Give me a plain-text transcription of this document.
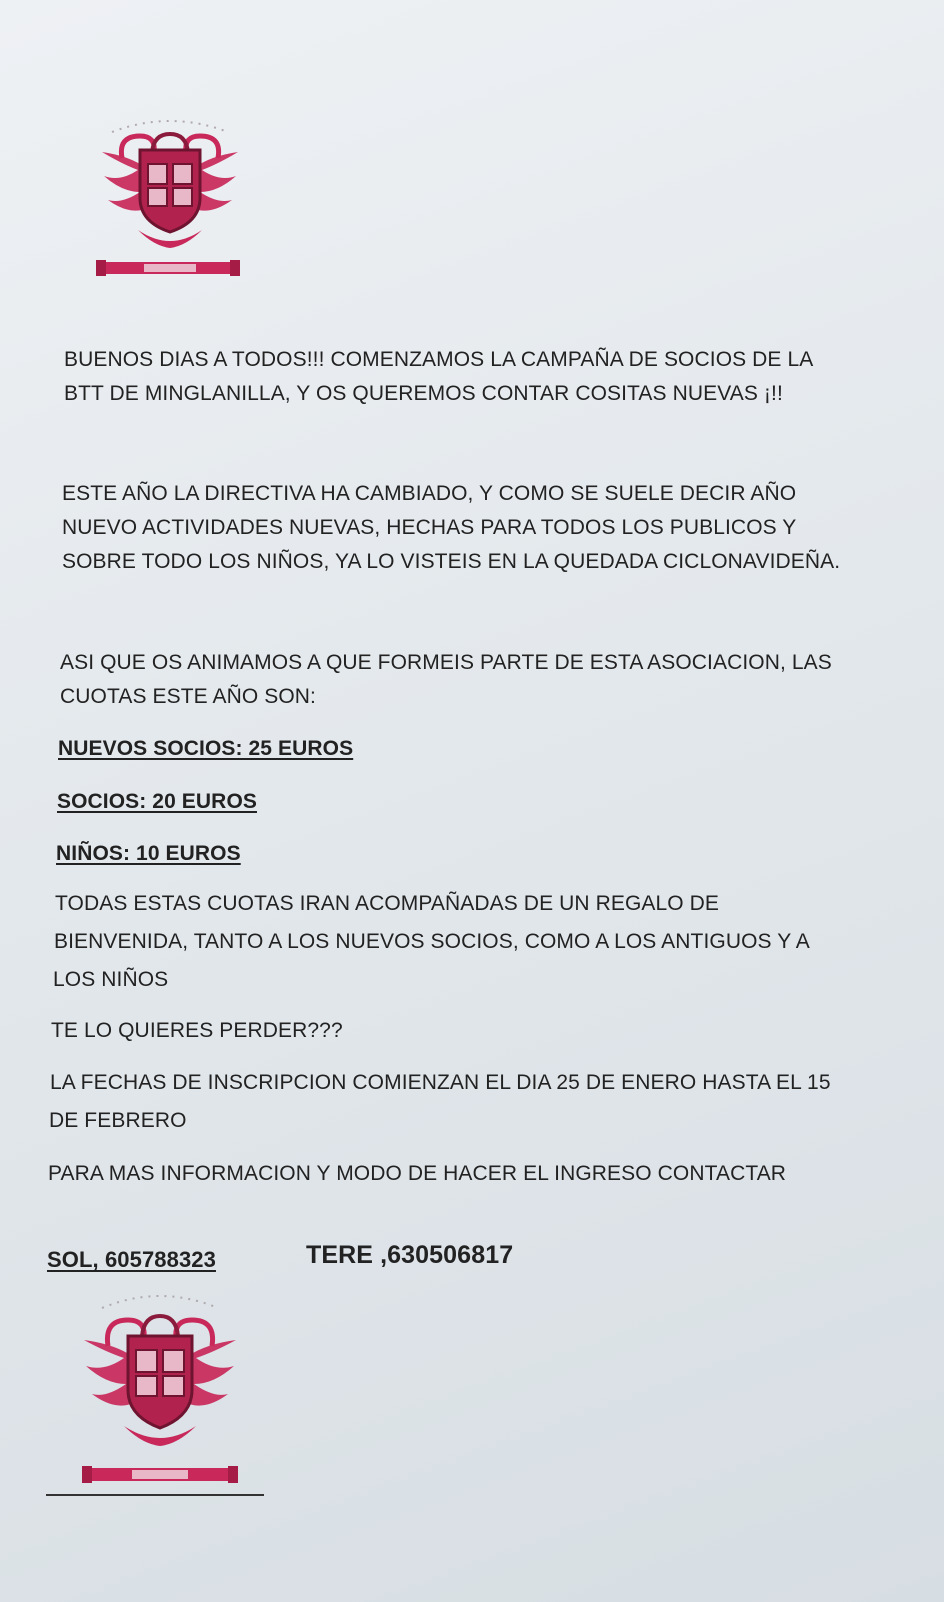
BUENOS DIAS A TODOS!!! COMENZAMOS LA CAMPAÑA DE SOCIOS DE LA

BTT DE MINGLANILLA, Y OS QUEREMOS CONTAR COSITAS NUEVAS ¡!!

ESTE AÑO LA DIRECTIVA HA CAMBIADO, Y COMO SE SUELE DECIR AÑO

NUEVO ACTIVIDADES NUEVAS, HECHAS PARA TODOS LOS PUBLICOS Y

SOBRE TODO LOS NIÑOS, YA LO VISTEIS EN LA QUEDADA CICLONAVIDEÑA.

ASI QUE OS ANIMAMOS A QUE FORMEIS PARTE DE ESTA ASOCIACION, LAS

CUOTAS ESTE AÑO SON:

NUEVOS SOCIOS: 25 EUROS

SOCIOS: 20 EUROS

NIÑOS: 10 EUROS

TODAS ESTAS CUOTAS IRAN ACOMPAÑADAS DE UN REGALO DE

BIENVENIDA, TANTO A LOS NUEVOS SOCIOS, COMO A LOS ANTIGUOS Y A

LOS NIÑOS

TE LO QUIERES PERDER???

LA FECHAS DE INSCRIPCION COMIENZAN EL DIA 25 DE ENERO HASTA EL 15

DE FEBRERO

PARA MAS INFORMACION Y MODO DE HACER EL INGRESO CONTACTAR

SOL, 605788323	TERE ,630506817
